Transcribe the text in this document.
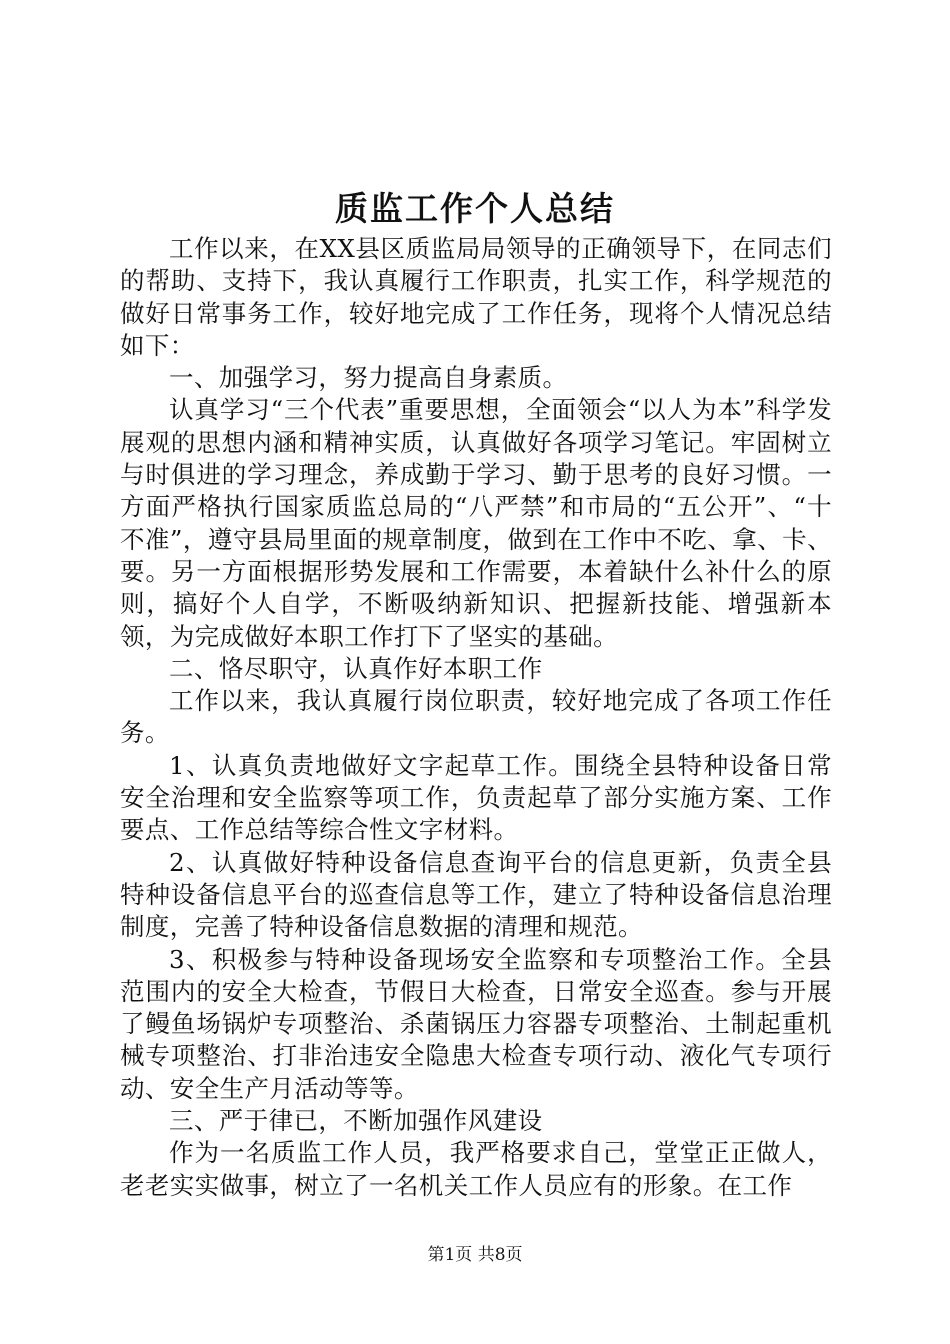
质监工作个人总结

工作以来，在XX县区质监局局领导的正确领导下，在同志们的帮助、支持下，我认真履行工作职责，扎实工作，科学规范的做好日常事务工作，较好地完成了工作任务，现将个人情况总结如下：

一、加强学习，努力提高自身素质。

认真学习“三个代表”重要思想，全面领会“以人为本”科学发展观的思想内涵和精神实质，认真做好各项学习笔记。牢固树立与时俱进的学习理念，养成勤于学习、勤于思考的良好习惯。一方面严格执行国家质监总局的“八严禁”和市局的“五公开”、“十不准”，遵守县局里面的规章制度，做到在工作中不吃、拿、卡、要。另一方面根据形势发展和工作需要，本着缺什么补什么的原则，搞好个人自学，不断吸纳新知识、把握新技能、增强新本领，为完成做好本职工作打下了坚实的基础。

二、恪尽职守，认真作好本职工作

工作以来，我认真履行岗位职责，较好地完成了各项工作任务。

1、认真负责地做好文字起草工作。围绕全县特种设备日常安全治理和安全监察等项工作，负责起草了部分实施方案、工作要点、工作总结等综合性文字材料。

2、认真做好特种设备信息查询平台的信息更新，负责全县特种设备信息平台的巡查信息等工作，建立了特种设备信息治理制度，完善了特种设备信息数据的清理和规范。

3、积极参与特种设备现场安全监察和专项整治工作。全县范围内的安全大检查，节假日大检查，日常安全巡查。参与开展了鳗鱼场锅炉专项整治、杀菌锅压力容器专项整治、土制起重机械专项整治、打非治违安全隐患大检查专项行动、液化气专项行动、安全生产月活动等等。

三、严于律已，不断加强作风建设

作为一名质监工作人员，我严格要求自己，堂堂正正做人，老老实实做事，树立了一名机关工作人员应有的形象。在工作

第1页 共8页
